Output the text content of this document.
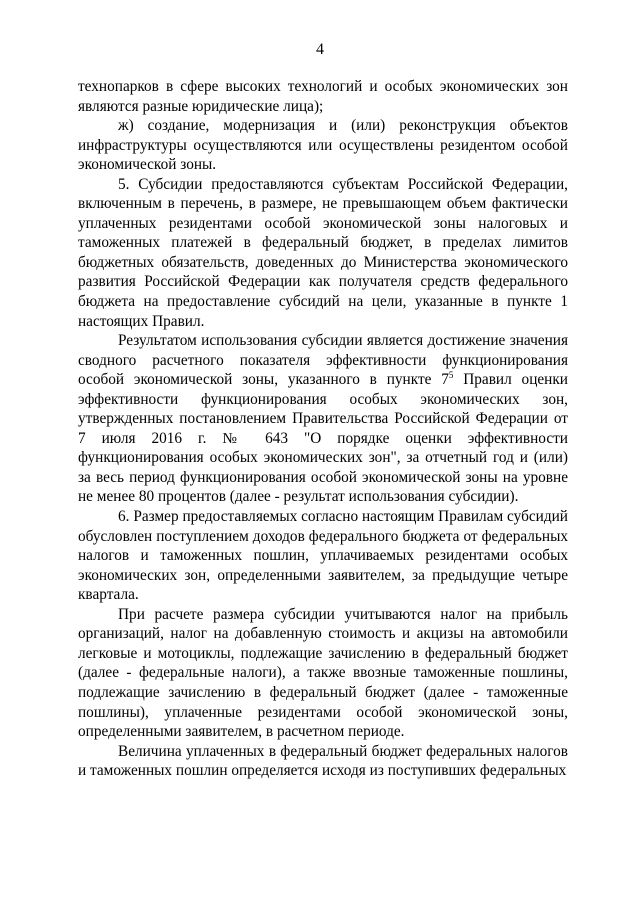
4

технопарков в сфере высоких технологий и особых экономических зон являются разные юридические лица);

ж) создание, модернизация и (или) реконструкция объектов инфраструктуры осуществляются или осуществлены резидентом особой экономической зоны.

5. Субсидии предоставляются субъектам Российской Федерации, включенным в перечень, в размере, не превышающем объем фактически уплаченных резидентами особой экономической зоны налоговых и таможенных платежей в федеральный бюджет, в пределах лимитов бюджетных обязательств, доведенных до Министерства экономического развития Российской Федерации как получателя средств федерального бюджета на предоставление субсидий на цели, указанные в пункте 1 настоящих Правил.

Результатом использования субсидии является достижение значения сводного расчетного показателя эффективности функционирования особой экономической зоны, указанного в пункте $7^5$ Правил оценки эффективности функционирования особых экономических зон, утвержденных постановлением Правительства Российской Федерации от 7 июля 2016 г. № 643 "О порядке оценки эффективности функционирования особых экономических зон", за отчетный год и (или) за весь период функционирования особой экономической зоны на уровне не менее 80 процентов (далее - результат использования субсидии).

6. Размер предоставляемых согласно настоящим Правилам субсидий обусловлен поступлением доходов федерального бюджета от федеральных налогов и таможенных пошлин, уплачиваемых резидентами особых экономических зон, определенными заявителем, за предыдущие четыре квартала.

При расчете размера субсидии учитываются налог на прибыль организаций, налог на добавленную стоимость и акцизы на автомобили легковые и мотоциклы, подлежащие зачислению в федеральный бюджет (далее - федеральные налоги), а также ввозные таможенные пошлины, подлежащие зачислению в федеральный бюджет (далее - таможенные пошлины), уплаченные резидентами особой экономической зоны, определенными заявителем, в расчетном периоде.

Величина уплаченных в федеральный бюджет федеральных налогов и таможенных пошлин определяется исходя из поступивших федеральных
